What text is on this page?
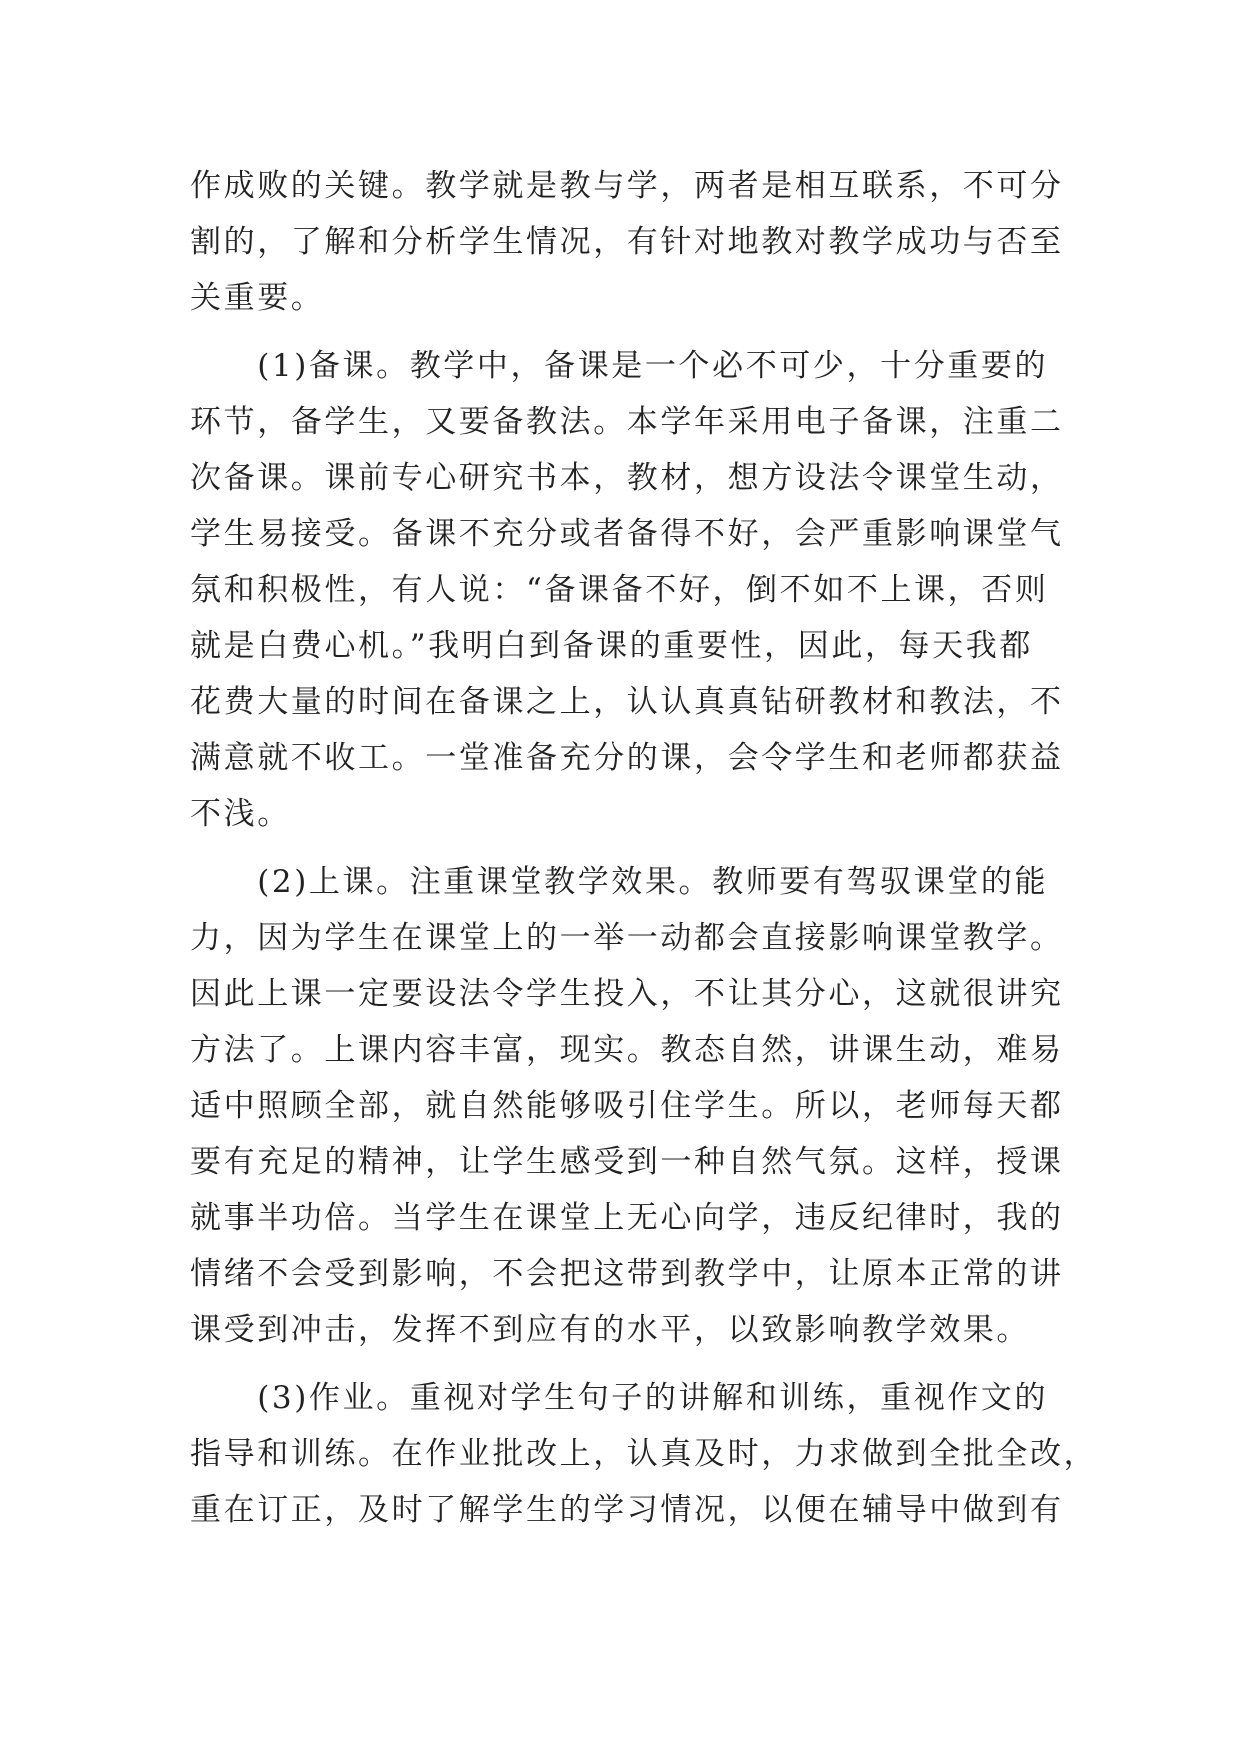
作成败的关键。教学就是教与学，两者是相互联系，不可分
割的，了解和分析学生情况，有针对地教对教学成功与否至
关重要。
　　(1)备课。教学中，备课是一个必不可少，十分重要的
环节，备学生，又要备教法。本学年采用电子备课，注重二
次备课。课前专心研究书本，教材，想方设法令课堂生动，
学生易接受。备课不充分或者备得不好，会严重影响课堂气
氛和积极性，有人说：“备课备不好，倒不如不上课，否则
就是白费心机。”我明白到备课的重要性，因此，每天我都
花费大量的时间在备课之上，认认真真钻研教材和教法，不
满意就不收工。一堂准备充分的课，会令学生和老师都获益
不浅。
　　(2)上课。注重课堂教学效果。教师要有驾驭课堂的能
力，因为学生在课堂上的一举一动都会直接影响课堂教学。
因此上课一定要设法令学生投入，不让其分心，这就很讲究
方法了。上课内容丰富，现实。教态自然，讲课生动，难易
适中照顾全部，就自然能够吸引住学生。所以，老师每天都
要有充足的精神，让学生感受到一种自然气氛。这样，授课
就事半功倍。当学生在课堂上无心向学，违反纪律时，我的
情绪不会受到影响，不会把这带到教学中，让原本正常的讲
课受到冲击，发挥不到应有的水平，以致影响教学效果。
　　(3)作业。重视对学生句子的讲解和训练，重视作文的
指导和训练。在作业批改上，认真及时，力求做到全批全改，
重在订正，及时了解学生的学习情况，以便在辅导中做到有
